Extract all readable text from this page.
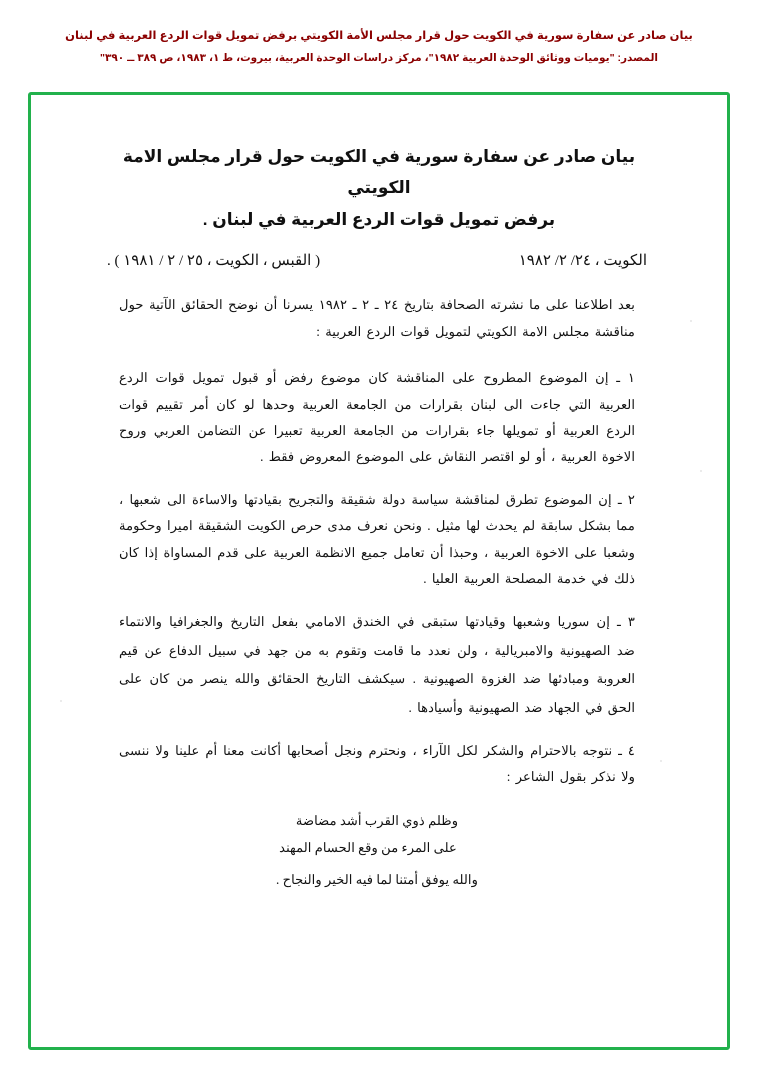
بيان صادر عن سفارة سورية في الكويت حول قرار مجلس الأمة الكويتي برفض تمويل قوات الردع العربية في لبنان
المصدر: "يوميات ووثائق الوحدة العربية ١٩٨٢"، مركز دراسات الوحدة العربية، بيروت، ط ١، ١٩٨٣، ص ٣٨٩ ــ ٣٩٠"
بيان صادر عن سفارة سورية في الكويت حول قرار مجلس الامة الكويتي
برفض تمويل قوات الردع العربية في لبنان .
الكويت ، ٢٤/ ٢/ ١٩٨٢
( القبس ، الكويت ، ٢٥ / ٢ / ١٩٨١ ) .

بعد اطلاعنا على ما نشرته الصحافة بتاريخ ٢٤ ـ ٢ ـ ١٩٨٢ يسرنا أن نوضح الحقائق الآتية حول مناقشة مجلس الامة الكويتي لتمويل قوات الردع العربية :

١ ـ إن الموضوع المطروح على المناقشة كان موضوع رفض أو قبول تمويل قوات الردع العربية التي جاءت الى لبنان بقرارات من الجامعة العربية وحدها لو كان أمر تقييم قوات الردع العربية أو تمويلها جاء بقرارات من الجامعة العربية تعبيرا عن التضامن العربي وروح الاخوة العربية ، أو لو اقتصر النقاش على الموضوع المعروض فقط .

٢ ـ إن الموضوع تطرق لمناقشة سياسة دولة شقيقة والتجريح بقيادتها والاساءة الى شعبها ، مما بشكل سابقة لم يحدث لها مثيل . ونحن نعرف مدى حرص الكويت الشقيقة اميرا وحكومة وشعبا على الاخوة العربية ، وحبذا أن تعامل جميع الانظمة العربية على قدم المساواة إذا كان ذلك في خدمة المصلحة العربية العليا .

٣ ـ إن سوريا وشعبها وقيادتها ستبقى في الخندق الامامي بفعل التاريخ والجغرافيا والانتماء ضد الصهيونية والامبريالية ، ولن نعدد ما قامت وتقوم به من جهد في سبيل الدفاع عن قيم العروبة ومبادئها ضد الغزوة الصهيونية . سيكشف التاريخ الحقائق والله ينصر من كان على الحق في الجهاد ضد الصهيونية وأسيادها .

٤ ـ نتوجه بالاحترام والشكر لكل الآراء ، ونحترم ونجل أصحابها أكانت معنا أم علينا ولا ننسى ولا نذكر بقول الشاعر :

وظلم ذوي القرب أشد مضاضة
على المرء من وقع الحسام المهند
والله يوفق أمتنا لما فيه الخير والنجاح .
